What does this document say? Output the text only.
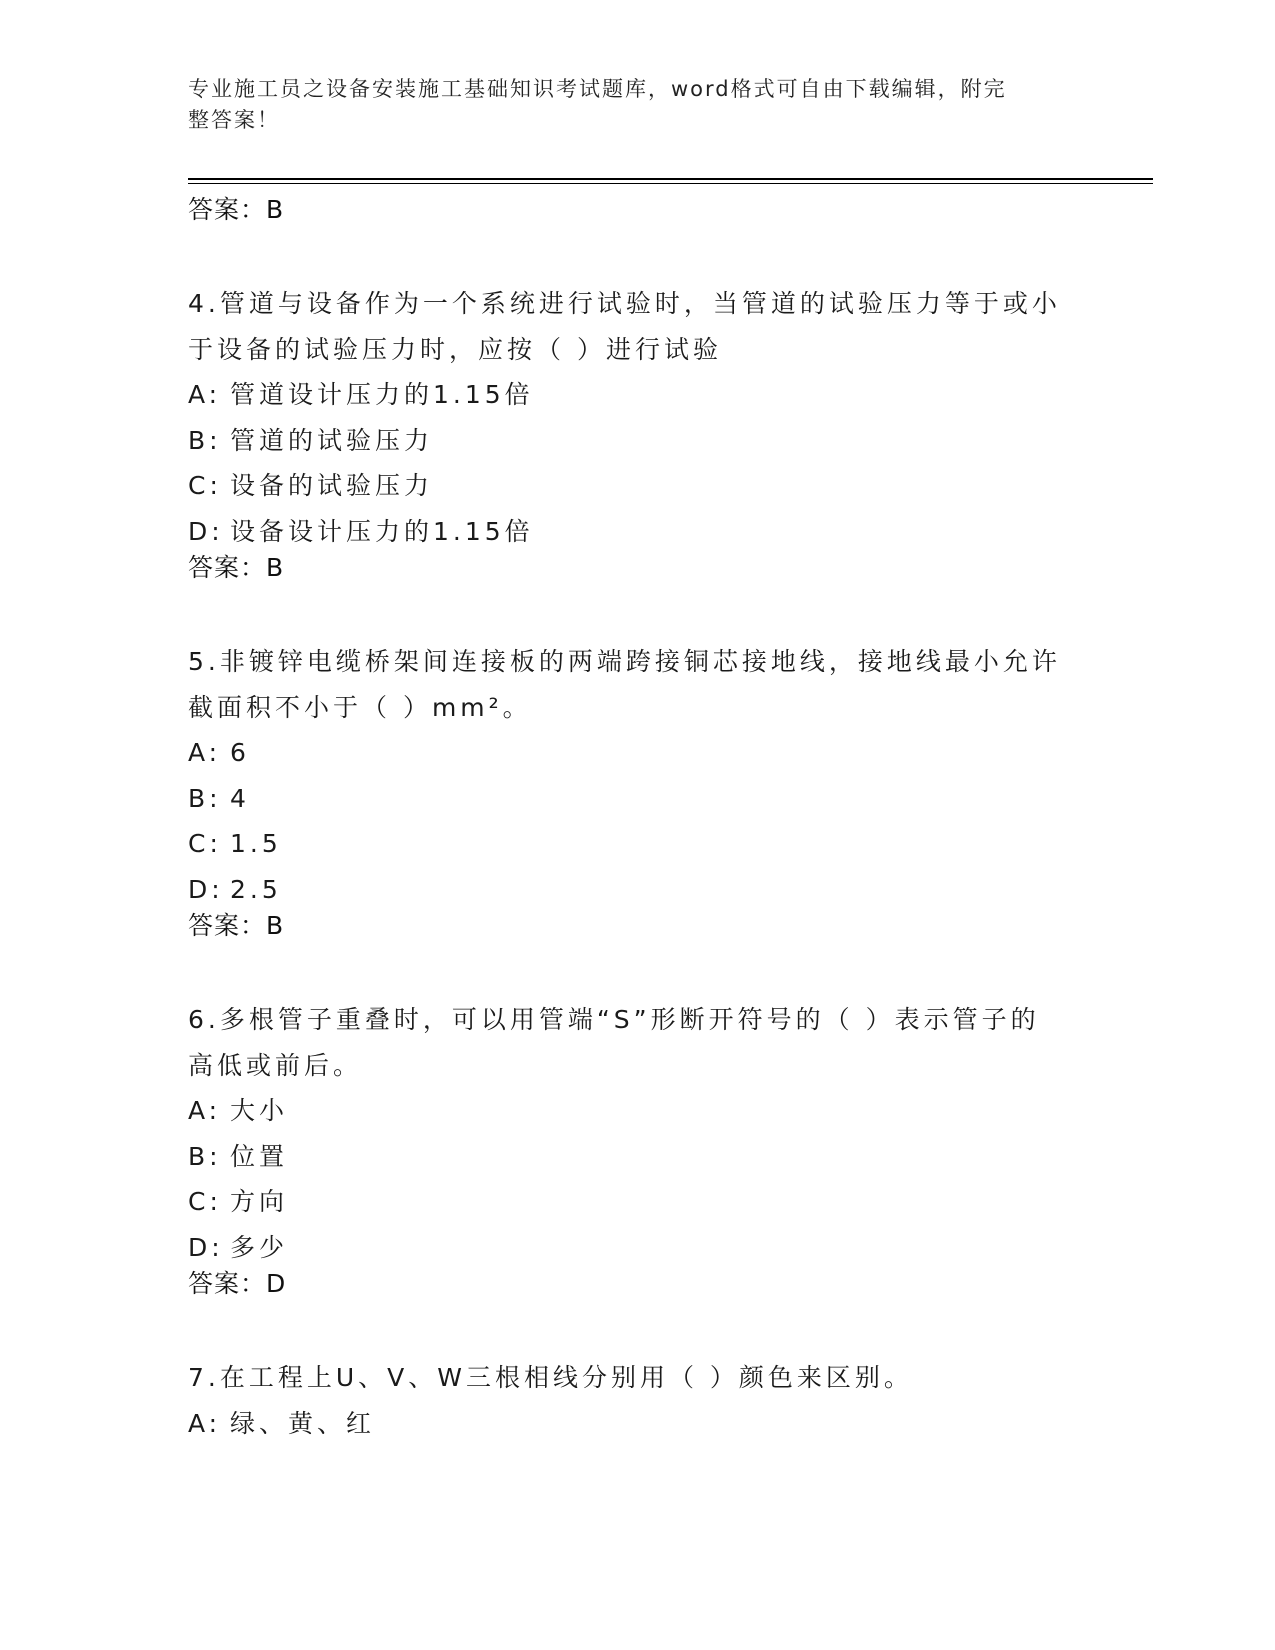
专业施工员之设备安装施工基础知识考试题库，word格式可自由下载编辑，附完
整答案！
答案：B
4.管道与设备作为一个系统进行试验时，当管道的试验压力等于或小于设备的试验压力时，应按（ ）进行试验
A: 管道设计压力的1.15倍
B: 管道的试验压力
C: 设备的试验压力
D: 设备设计压力的1.15倍
答案：B
5.非镀锌电缆桥架间连接板的两端跨接铜芯接地线，接地线最小允许截面积不小于（ ）mm²。
A: 6
B: 4
C: 1.5
D: 2.5
答案：B
6.多根管子重叠时，可以用管端“S”形断开符号的（ ）表示管子的高低或前后。
A: 大小
B: 位置
C: 方向
D: 多少
答案：D
7.在工程上U、V、W三根相线分别用（ ）颜色来区别。
A: 绿、黄、红
